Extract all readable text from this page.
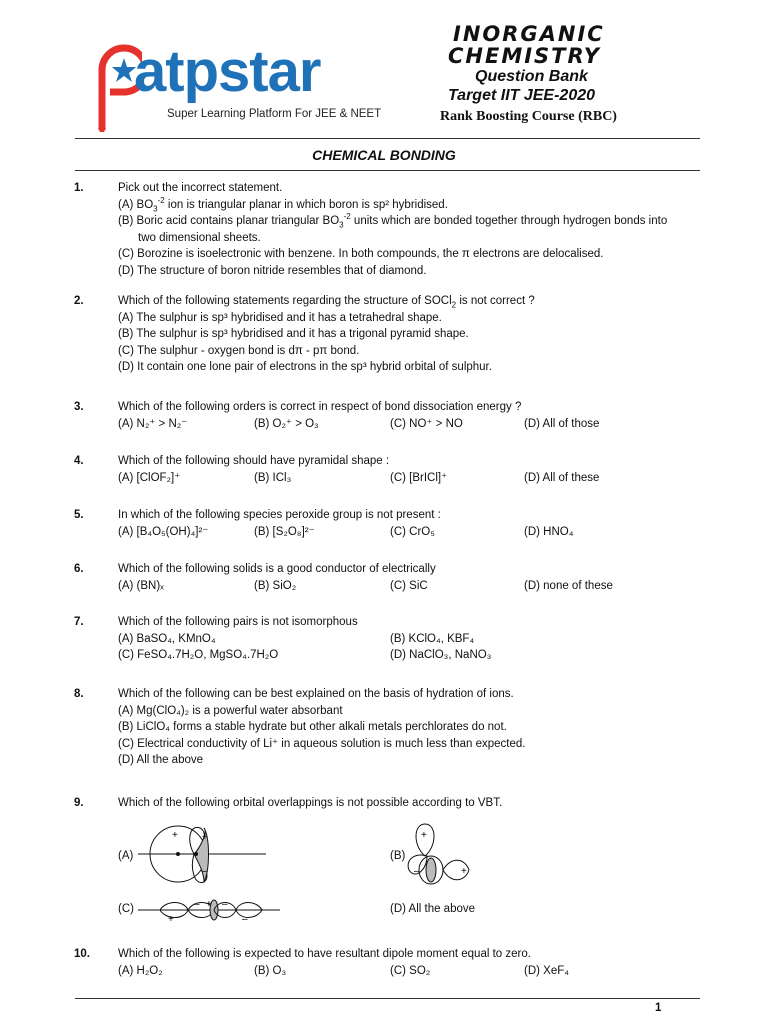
atpstar
Super Learning Platform For JEE & NEET
INORGANIC
CHEMISTRY
Question Bank
Target IIT JEE-2020
Rank Boosting Course (RBC)
CHEMICAL BONDING
1.	Pick out the incorrect statement.
(A) $BO_3^{-2}$ ion is triangular planar in which boron is sp² hybridised.
(B) Boric acid contains planar triangular $BO_3^{-2}$ units which are bonded together through hydrogen bonds into
two dimensional sheets.
(C) Borozine is isoelectronic with benzene. In both compounds, the π electrons are delocalised.
(D) The structure of boron nitride resembles that of diamond.
2.	Which of the following statements regarding the structure of SOCl$_2$ is not correct ?
(A) The sulphur is sp³ hybridised and it has a tetrahedral shape.
(B) The sulphur is sp³ hybridised and it has a trigonal pyramid shape.
(C) The sulphur - oxygen bond is dπ - pπ bond.
(D) It contain one lone pair of electrons in the sp³ hybrid orbital of sulphur.
3.	Which of the following orders is correct in respect of bond dissociation energy ?
(A) N₂⁺ > N₂⁻	(B) O₂⁺ > O₃	(C) NO⁺ > NO	(D) All of those
4.	Which of the following should have pyramidal shape :
(A) [ClOF₂]⁺	(B) ICl₃	(C) [BrICl]⁺	(D) All of these
5.	In which of the following species peroxide group is not present :
(A) [B₄O₅(OH)₄]²⁻	(B) [S₂O₈]²⁻	(C) CrO₅	(D) HNO₄
6.	Which of the following solids is a good conductor of electrically
(A) (BN)ₓ	(B) SiO₂	(C) SiC	(D) none of these
7.	Which of the following pairs is not isomorphous
(A) BaSO₄, KMnO₄	(B) KClO₄, KBF₄
(C) FeSO₄.7H₂O, MgSO₄.7H₂O	(D) NaClO₃, NaNO₃
8.	Which of the following can be best explained on the basis of hydration of ions.
(A) Mg(ClO₄)₂ is a powerful water absorbant
(B) LiClO₄ forms a stable hydrate but other alkali metals perchlorates do not.
(C) Electrical conductivity of Li⁺ in aqueous solution is much less than expected.
(D) All the above
9.	Which of the following orbital overlappings is not possible according to VBT.
(A)
+ +
–
(B)
+
–	+
(C)
+
– + –
–
(D) All the above
10. Which of the following is expected to have resultant dipole moment equal to zero.
(A) H₂O₂	(B) O₃	(C) SO₂	(D) XeF₄
1
